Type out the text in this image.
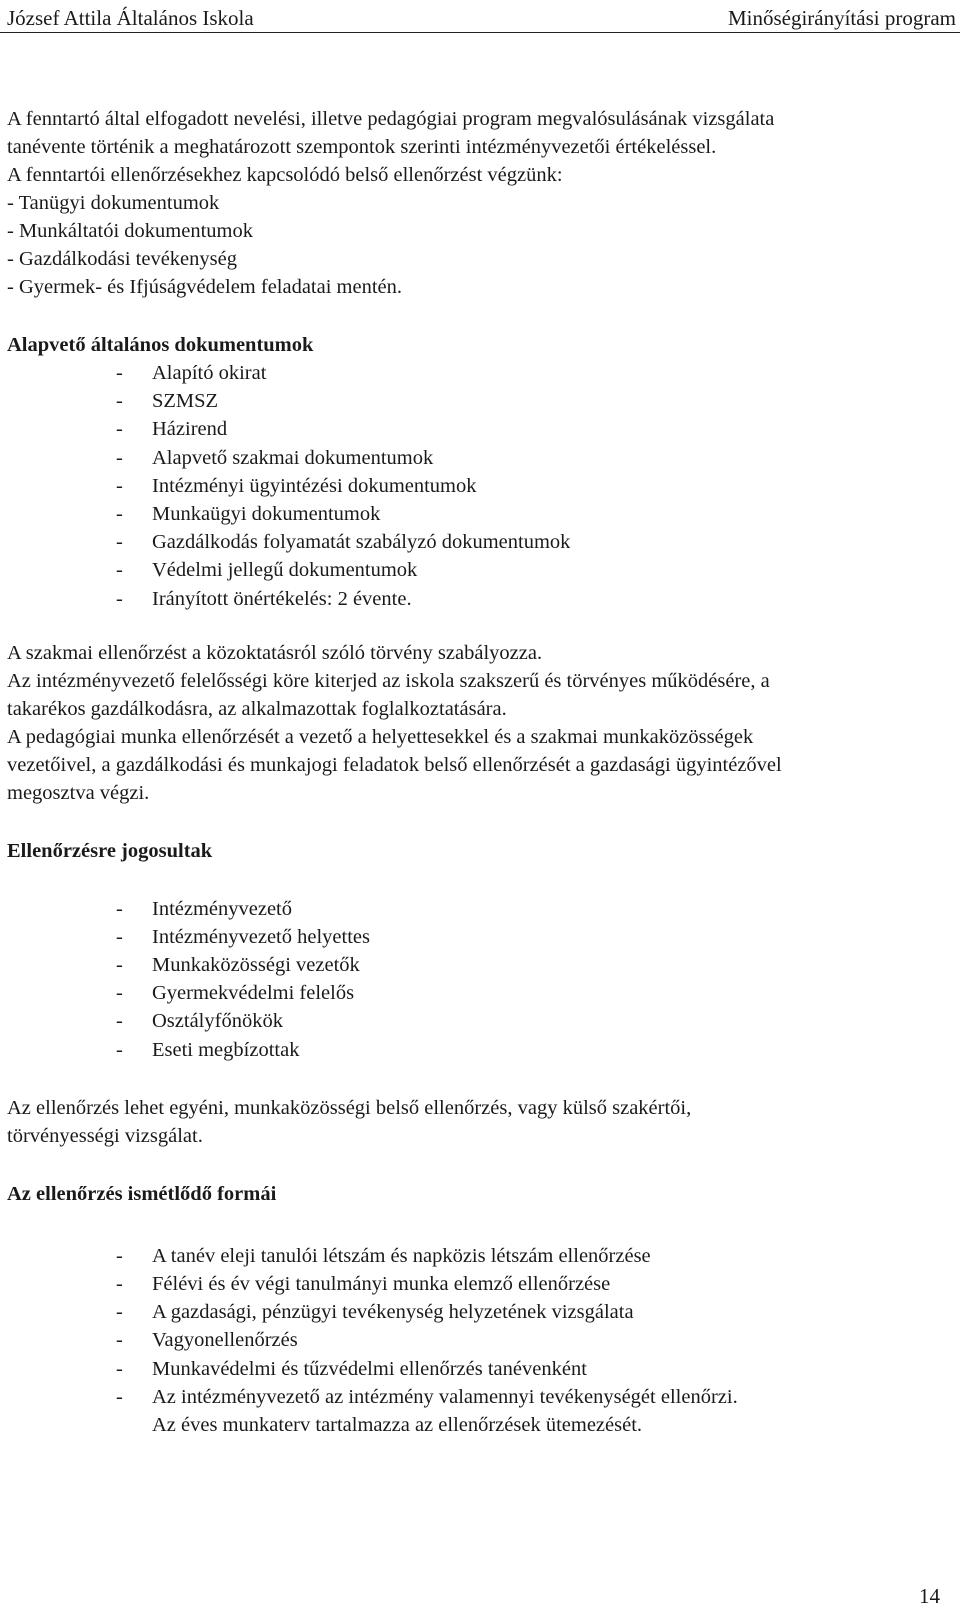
József Attila Általános Iskola	Minőségirányítási program
A fenntartó által elfogadott nevelési, illetve pedagógiai program megvalósulásának vizsgálata
tanévente történik a meghatározott szempontok szerinti intézményvezetői értékeléssel.
A fenntartói ellenőrzésekhez kapcsolódó belső ellenőrzést végzünk:
- Tanügyi dokumentumok
- Munkáltatói dokumentumok
- Gazdálkodási tevékenység
- Gyermek- és Ifjúságvédelem feladatai mentén.
Alapvető általános dokumentumok
- Alapító okirat
- SZMSZ
- Házirend
- Alapvető szakmai dokumentumok
- Intézményi ügyintézési dokumentumok
- Munkaügyi dokumentumok
- Gazdálkodás folyamatát szabályzó dokumentumok
- Védelmi jellegű dokumentumok
- Irányított önértékelés: 2 évente.
A szakmai ellenőrzést a közoktatásról szóló törvény szabályozza.
Az intézményvezető felelősségi köre kiterjed az iskola szakszerű és törvényes működésére, a
takarékos gazdálkodásra, az alkalmazottak foglalkoztatására.
A pedagógiai munka ellenőrzését a vezető a helyettesekkel és a szakmai munkaközösségek
vezetőivel, a gazdálkodási és munkajogi feladatok belső ellenőrzését a gazdasági ügyintézővel
megosztva végzi.
Ellenőrzésre jogosultak
- Intézményvezető
- Intézményvezető helyettes
- Munkaközösségi vezetők
- Gyermekvédelmi felelős
- Osztályfőnökök
- Eseti megbízottak
Az ellenőrzés lehet egyéni, munkaközösségi belső ellenőrzés, vagy külső szakértői,
törvényességi vizsgálat.
Az ellenőrzés ismétlődő formái
- A tanév eleji tanulói létszám és napközis létszám ellenőrzése
- Félévi és év végi tanulmányi munka elemző ellenőrzése
- A gazdasági, pénzügyi tevékenység helyzetének vizsgálata
- Vagyonellenőrzés
- Munkavédelmi és tűzvédelmi ellenőrzés tanévenként
- Az intézményvezető az intézmény valamennyi tevékenységét ellenőrzi.
Az éves munkaterv tartalmazza az ellenőrzések ütemezését.
14
